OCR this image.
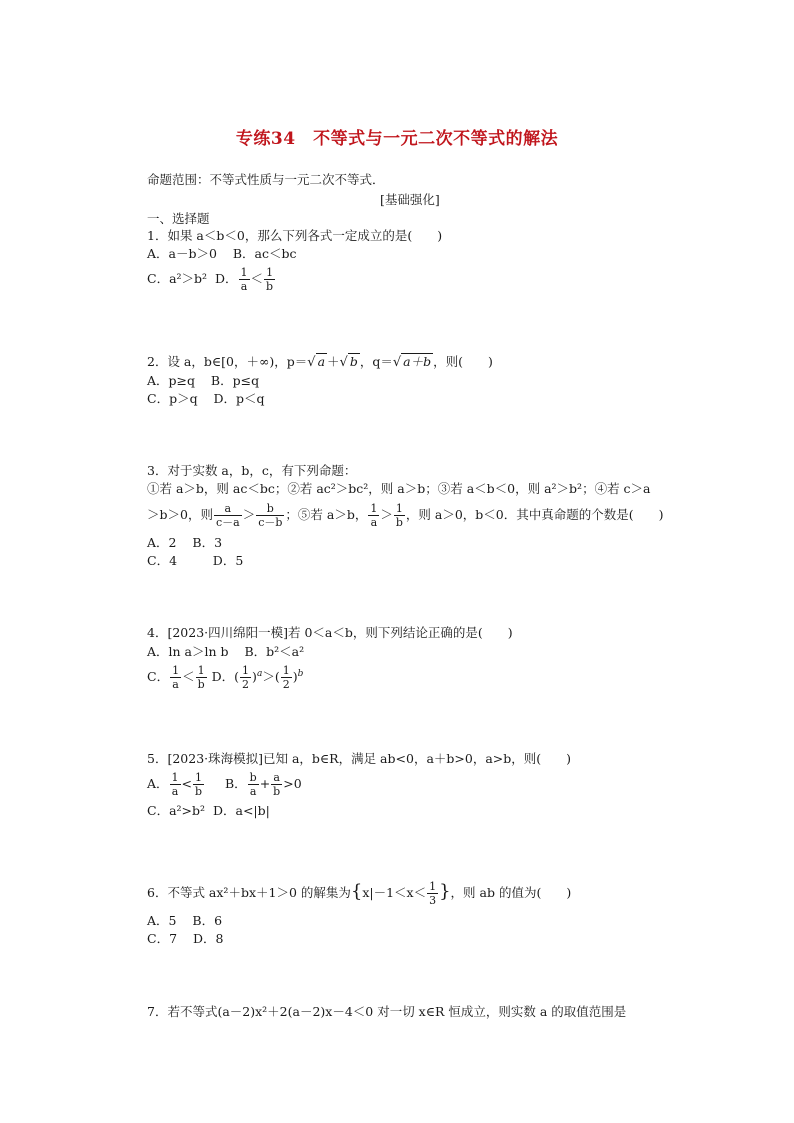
专练34　不等式与一元二次不等式的解法
命题范围：不等式性质与一元二次不等式．
[基础强化]
一、选择题
1．如果 a＜b＜0，那么下列各式一定成立的是(　　)
A．a－b＞0 B．ac＜bc
C．a²＞b² D． $\frac{1}{a} < \frac{1}{b}$
2．设 a，b∈[0，＋∞)，p＝√ a ＋√ b ，q＝√ a＋b ，则(　　)
A．p≥q B．p≤q
C．p＞q D．p＜q
3．对于实数 a，b，c，有下列命题：
①若 a＞b，则 ac＜bc；②若 ac²＞bc²，则 a＞b；③若 a＜b＜0，则 a²＞b²；④若 c＞a
＞b＞0，则 $\frac{a}{c-a} > \frac{b}{c-b}$ ；⑤若 a＞b， $\frac{1}{a} > \frac{1}{b}$ ，则 a＞0，b＜0．其中真命题的个数是(　　)
A．2 B．3
C．4	D．5
4．[2023·四川绵阳一模]若 0＜a＜b，则下列结论正确的是(　　)
A．ln a＞ln b B．b²＜a²
C． $\frac{1}{a} < \frac{1}{b}$ D．( $\frac{1}{2} )^a>( \frac{1}{2} )^b$
5．[2023·珠海模拟]已知 a，b∈R，满足 ab<0，a＋b>0，a>b，则(　　)
A． $\frac{1}{a} < \frac{1}{b}$ B． $\frac{b}{a} + \frac{a}{b} >0$
C．a²>b² D．a<|b|
6．不等式 ax²＋bx＋1＞0 的解集为{$x|-1<x< \frac{1}{3}$ }，则 ab 的值为(　　)
A．5 B．6
C．7 D．8
7．若不等式(a－2)x²＋2(a－2)x－4＜0 对一切 x∈R 恒成立，则实数 a 的取值范围是
